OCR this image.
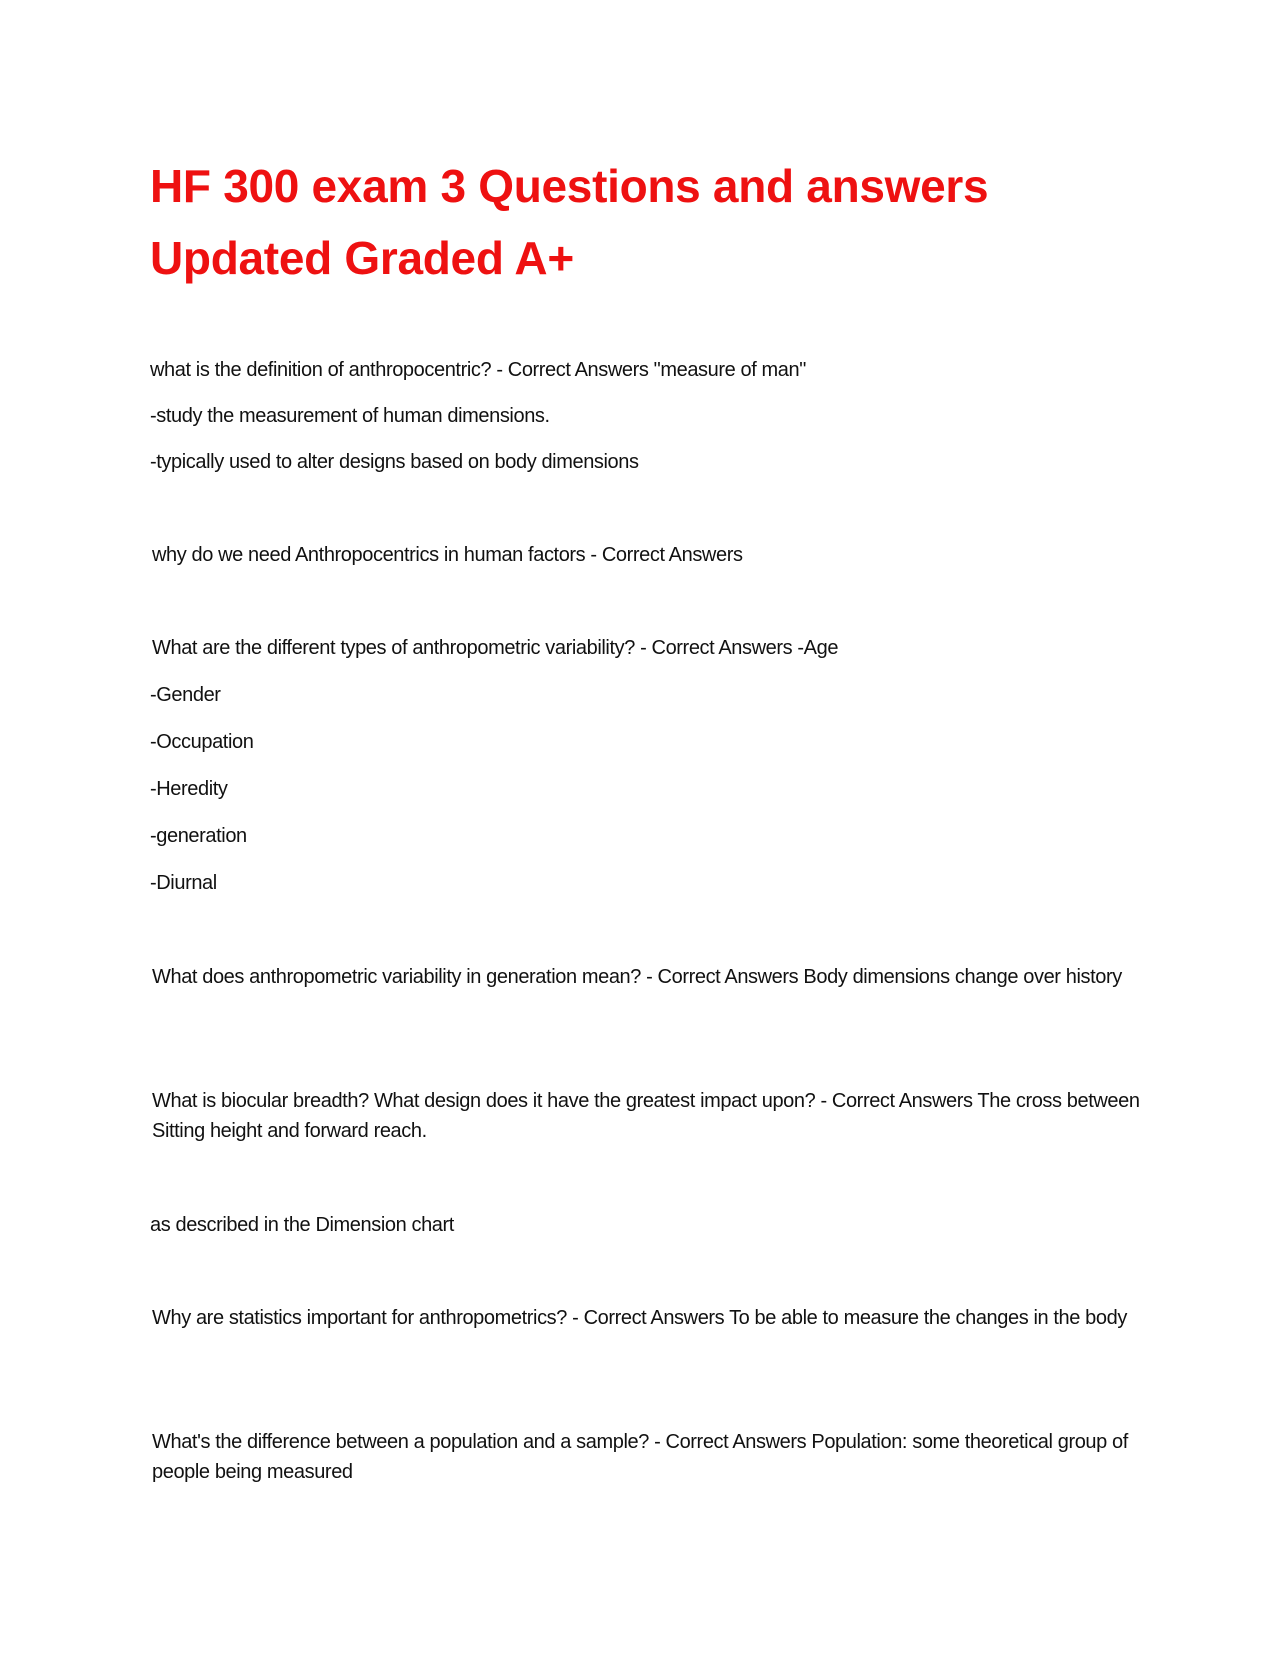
HF 300 exam 3 Questions and answers
Updated Graded A+
what is the definition of anthropocentric? - Correct Answers "measure of man"
-study the measurement of human dimensions.
-typically used to alter designs based on body dimensions
why do we need Anthropocentrics in human factors - Correct Answers
What are the different types of anthropometric variability? - Correct Answers -Age
-Gender
-Occupation
-Heredity
-generation
-Diurnal
What does anthropometric variability in generation mean? - Correct Answers Body dimensions change over history
What is biocular breadth? What design does it have the greatest impact upon? - Correct Answers The cross between Sitting height and forward reach.
as described in the Dimension chart
Why are statistics important for anthropometrics? - Correct Answers To be able to measure the changes in the body
What's the difference between a population and a sample? - Correct Answers Population: some theoretical group of people being measured
